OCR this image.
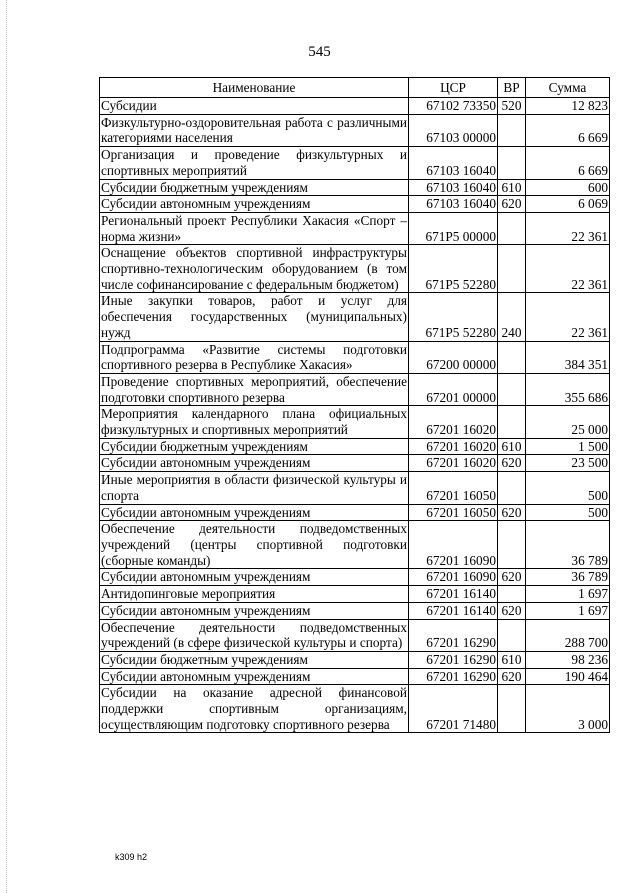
545
Наименование	ЦСР	ВР	Сумма
Субсидии	67102 73350	520	12 823
Физкультурно-оздоровительная работа с различными категориями населения	67103 00000		6 669
Организация и проведение физкультурных и спортивных мероприятий	67103 16040		6 669
Субсидии бюджетным учреждениям	67103 16040	610	600
Субсидии автономным учреждениям	67103 16040	620	6 069
Региональный проект Республики Хакасия «Спорт – норма жизни»	671P5 00000		22 361
Оснащение объектов спортивной инфраструктуры спортивно-технологическим оборудованием (в том числе софинансирование с федеральным бюджетом)	671P5 52280		22 361
Иные закупки товаров, работ и услуг для обеспечения государственных (муниципальных) нужд	671P5 52280	240	22 361
Подпрограмма «Развитие системы подготовки спортивного резерва в Республике Хакасия»	67200 00000		384 351
Проведение спортивных мероприятий, обеспечение подготовки спортивного резерва	67201 00000		355 686
Мероприятия календарного плана официальных физкультурных и спортивных мероприятий	67201 16020		25 000
Субсидии бюджетным учреждениям	67201 16020	610	1 500
Субсидии автономным учреждениям	67201 16020	620	23 500
Иные мероприятия в области физической культуры и спорта	67201 16050		500
Субсидии автономным учреждениям	67201 16050	620	500
Обеспечение деятельности подведомственных учреждений (центры спортивной подготовки (сборные команды)	67201 16090		36 789
Субсидии автономным учреждениям	67201 16090	620	36 789
Антидопинговые мероприятия	67201 16140		1 697
Субсидии автономным учреждениям	67201 16140	620	1 697
Обеспечение деятельности подведомственных учреждений (в сфере физической культуры и спорта)	67201 16290		288 700
Субсидии бюджетным учреждениям	67201 16290	610	98 236
Субсидии автономным учреждениям	67201 16290	620	190 464
Субсидии на оказание адресной финансовой поддержки спортивным организациям, осуществляющим подготовку спортивного резерва	67201 71480		3 000
k309 h2
